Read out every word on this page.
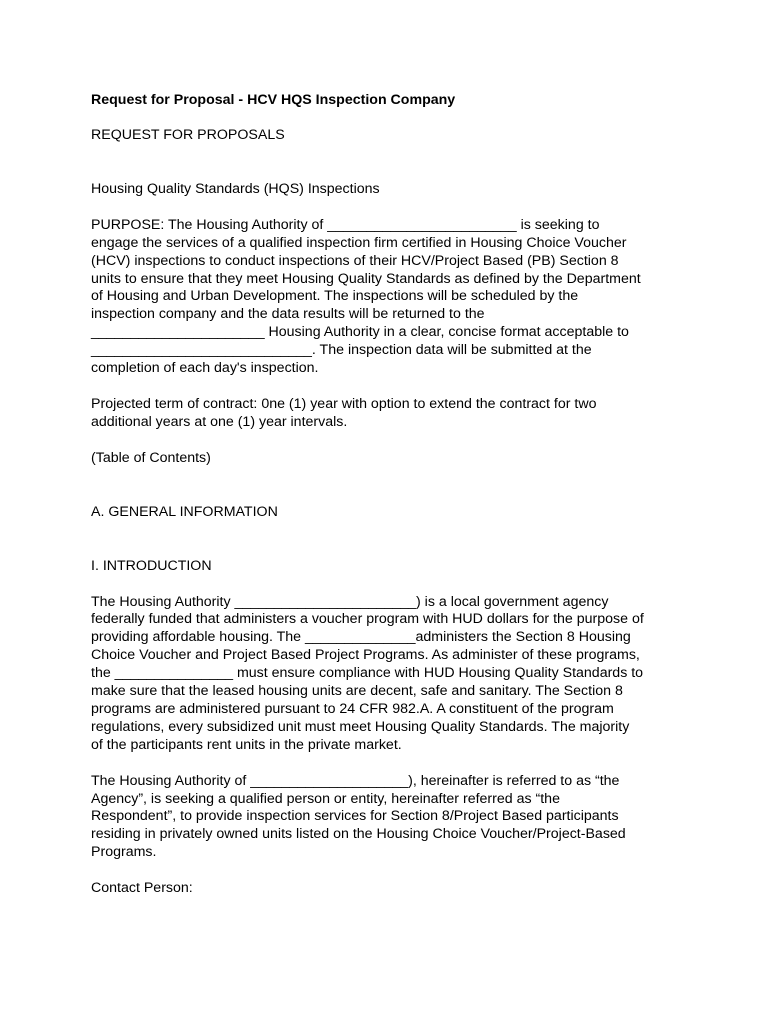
Request for Proposal - HCV HQS Inspection Company

REQUEST FOR PROPOSALS

Housing Quality Standards (HQS) Inspections

PURPOSE: The Housing Authority of ________________________ is seeking to
engage the services of a qualified inspection firm certified in Housing Choice Voucher
(HCV) inspections to conduct inspections of their HCV/Project Based (PB) Section 8
units to ensure that they meet Housing Quality Standards as defined by the Department
of Housing and Urban Development. The inspections will be scheduled by the
inspection company and the data results will be returned to the
______________________ Housing Authority in a clear, concise format acceptable to
____________________________. The inspection data will be submitted at the
completion of each day's inspection.

Projected term of contract: 0ne (1) year with option to extend the contract for two
additional years at one (1) year intervals.

(Table of Contents)

A. GENERAL INFORMATION

I. INTRODUCTION

The Housing Authority _______________________) is a local government agency
federally funded that administers a voucher program with HUD dollars for the purpose of
providing affordable housing. The ______________administers the Section 8 Housing
Choice Voucher and Project Based Project Programs. As administer of these programs,
the _______________ must ensure compliance with HUD Housing Quality Standards to
make sure that the leased housing units are decent, safe and sanitary. The Section 8
programs are administered pursuant to 24 CFR 982.A. A constituent of the program
regulations, every subsidized unit must meet Housing Quality Standards. The majority
of the participants rent units in the private market.

The Housing Authority of ____________________), hereinafter is referred to as “the
Agency”, is seeking a qualified person or entity, hereinafter referred as “the
Respondent”, to provide inspection services for Section 8/Project Based participants
residing in privately owned units listed on the Housing Choice Voucher/Project-Based
Programs.

Contact Person:
